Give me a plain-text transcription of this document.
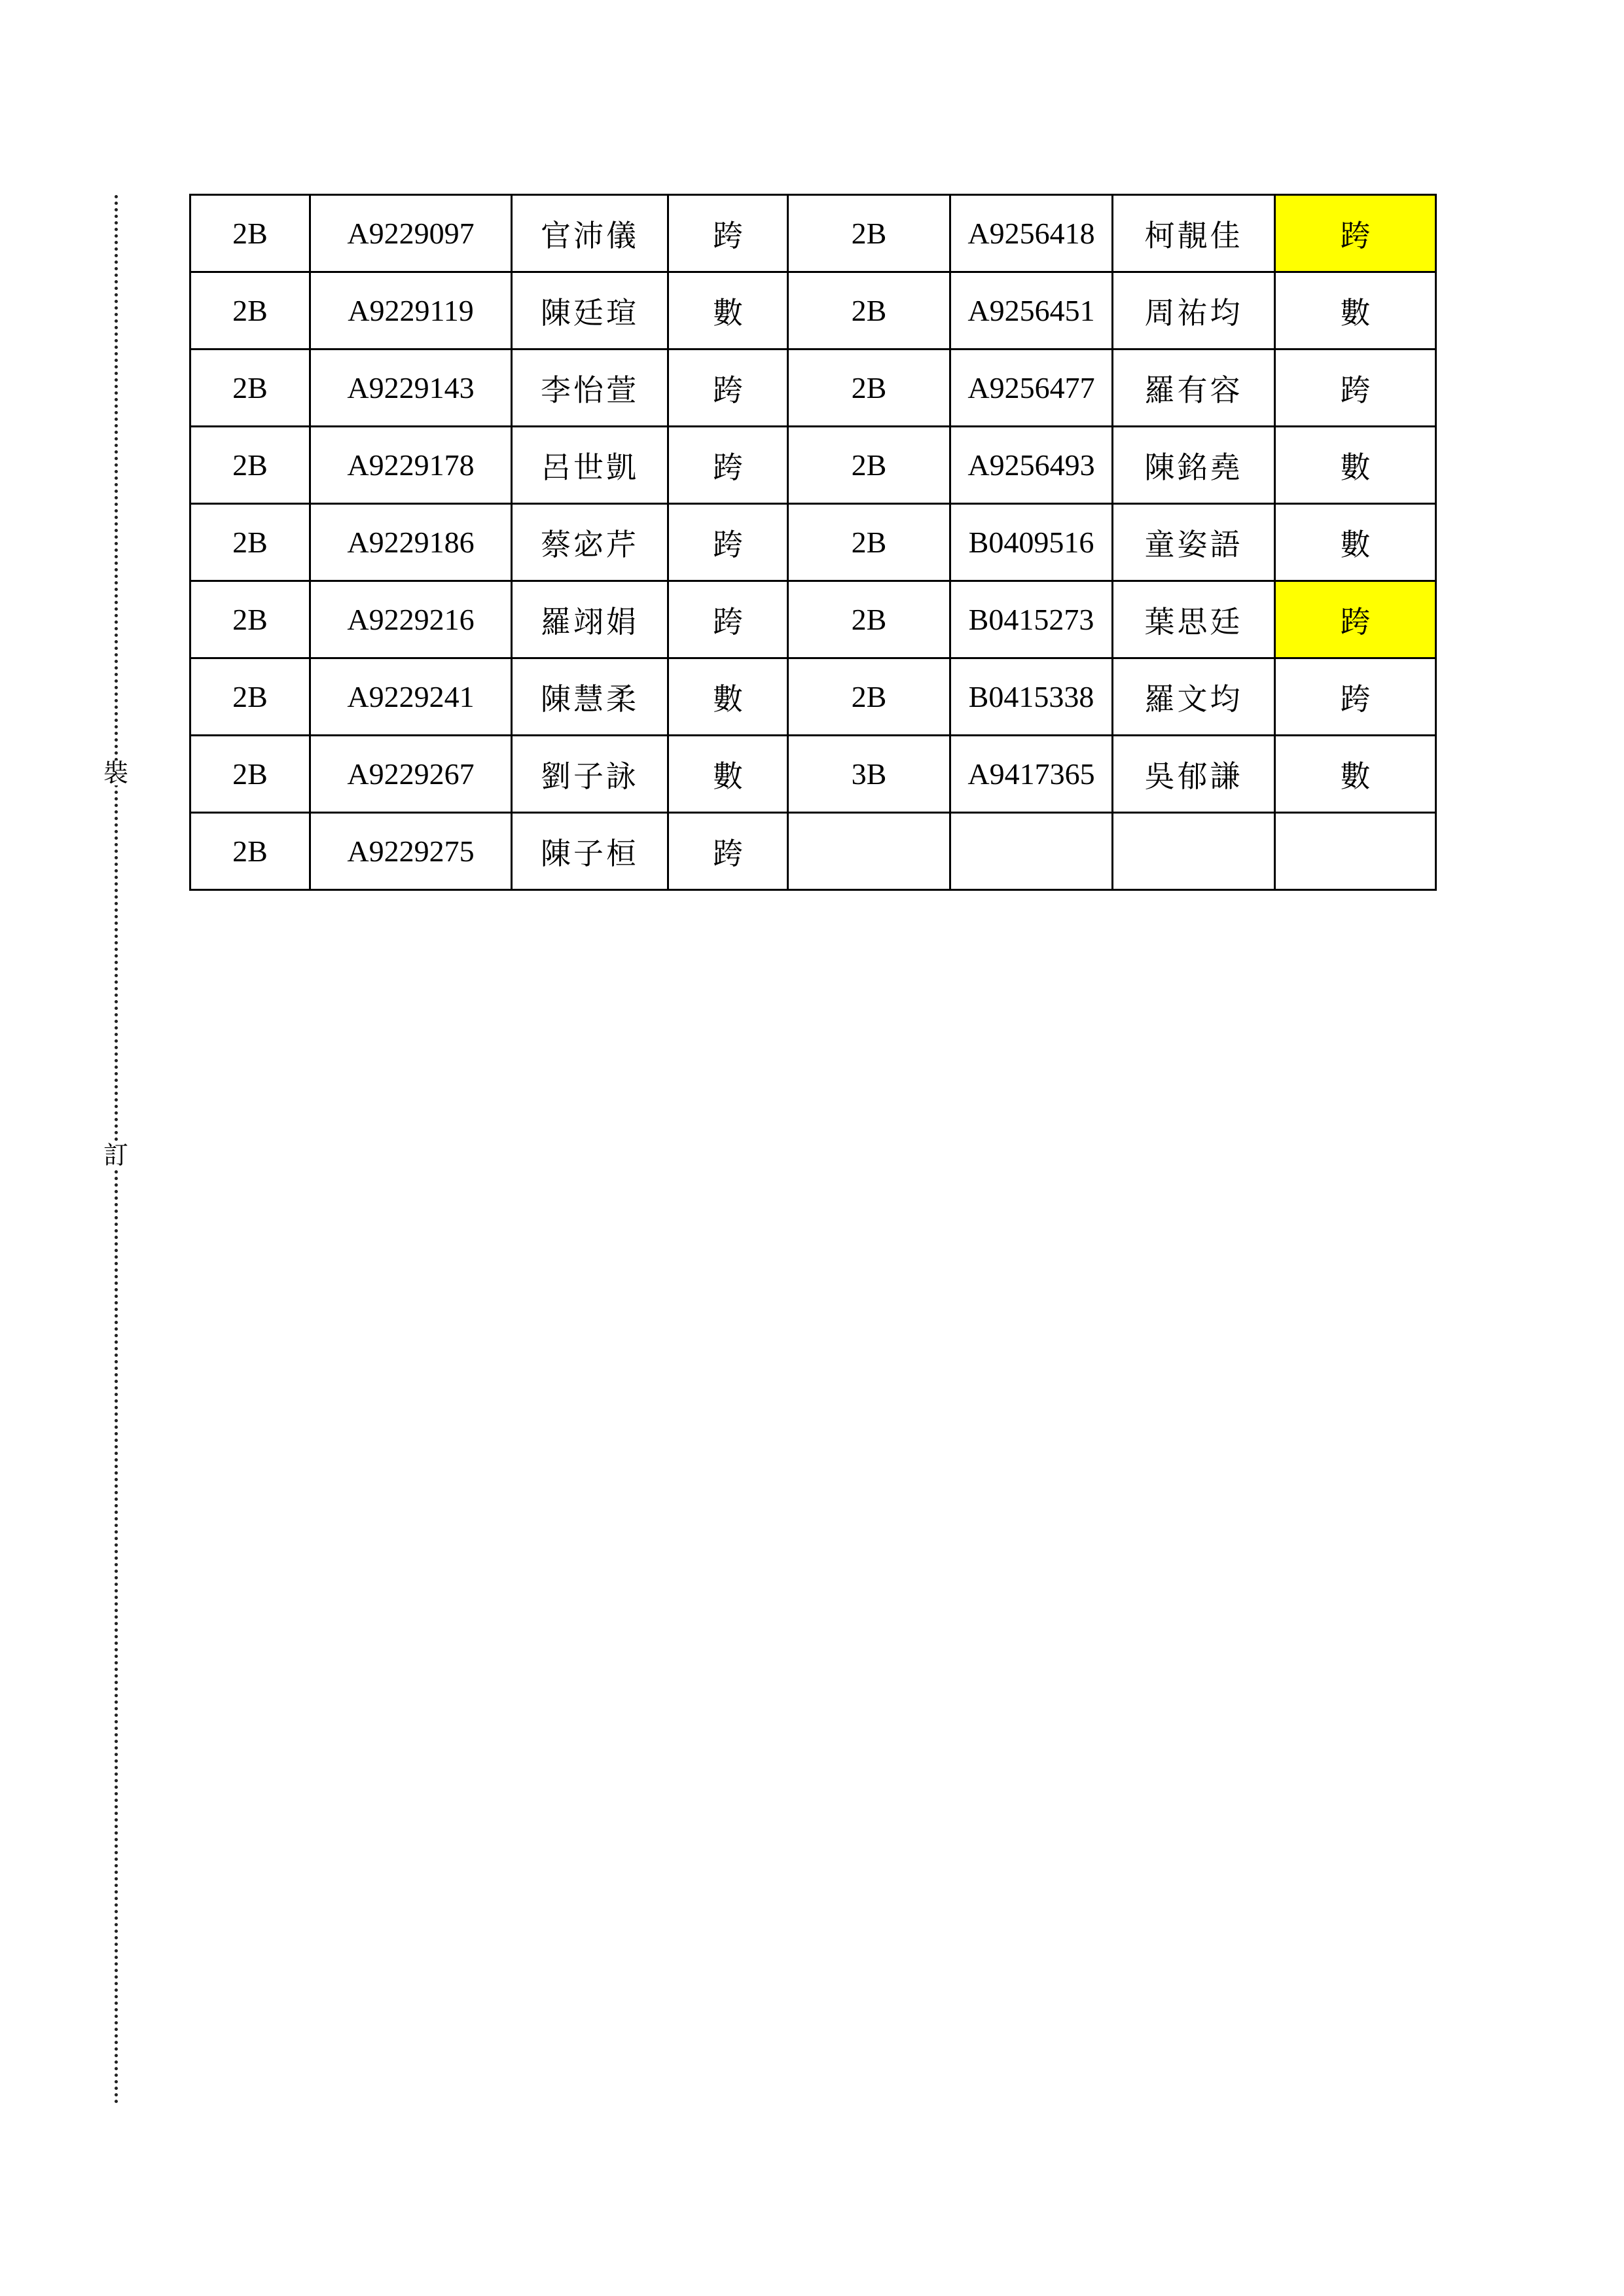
裝
訂
2B	A9229097	官沛儀	跨	2B	A9256418	柯靚佳	跨
2B	A9229119	陳廷瑄	數	2B	A9256451	周祐均	數
2B	A9229143	李怡萱	跨	2B	A9256477	羅有容	跨
2B	A9229178	呂世凱	跨	2B	A9256493	陳銘堯	數
2B	A9229186	蔡宓芹	跨	2B	B0409516	童姿語	數
2B	A9229216	羅翊娟	跨	2B	B0415273	葉思廷	跨
2B	A9229241	陳慧柔	數	2B	B0415338	羅文均	跨
2B	A9229267	劉子詠	數	3B	A9417365	吳郁謙	數
2B	A9229275	陳子桓	跨				
